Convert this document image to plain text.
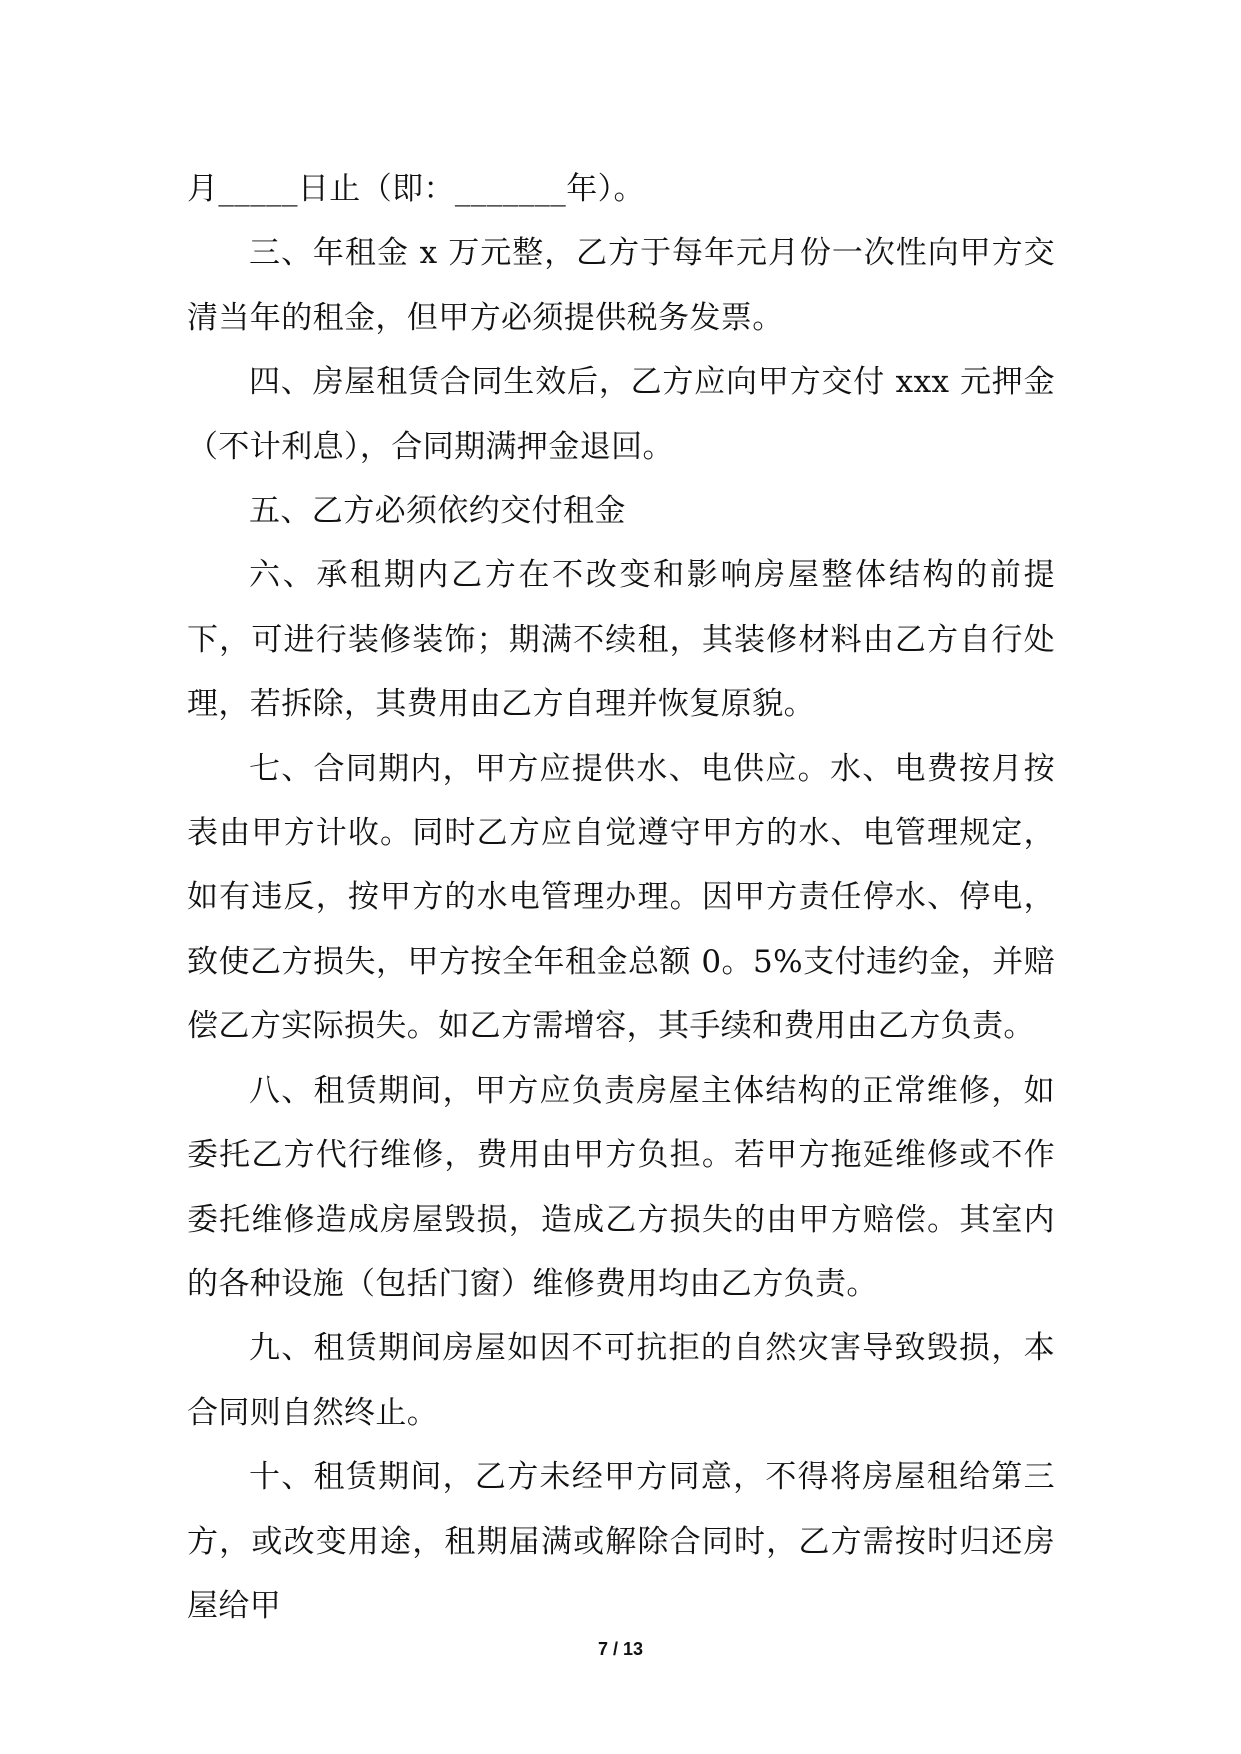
月_____日止（即：_______年）。

三、年租金 x 万元整，乙方于每年元月份一次性向甲方交清当年的租金，但甲方必须提供税务发票。

四、房屋租赁合同生效后，乙方应向甲方交付 xxx 元押金（不计利息），合同期满押金退回。

五、乙方必须依约交付租金

六、承租期内乙方在不改变和影响房屋整体结构的前提下，可进行装修装饰；期满不续租，其装修材料由乙方自行处理，若拆除，其费用由乙方自理并恢复原貌。

七、合同期内，甲方应提供水、电供应。水、电费按月按表由甲方计收。同时乙方应自觉遵守甲方的水、电管理规定，如有违反，按甲方的水电管理办理。因甲方责任停水、停电，致使乙方损失，甲方按全年租金总额 0。5%支付违约金，并赔偿乙方实际损失。如乙方需增容，其手续和费用由乙方负责。

八、租赁期间，甲方应负责房屋主体结构的正常维修，如委托乙方代行维修，费用由甲方负担。若甲方拖延维修或不作委托维修造成房屋毁损，造成乙方损失的由甲方赔偿。其室内的各种设施（包括门窗）维修费用均由乙方负责。

九、租赁期间房屋如因不可抗拒的自然灾害导致毁损，本合同则自然终止。

十、租赁期间，乙方未经甲方同意，不得将房屋租给第三方，或改变用途，租期届满或解除合同时，乙方需按时归还房屋给甲

7 / 13
